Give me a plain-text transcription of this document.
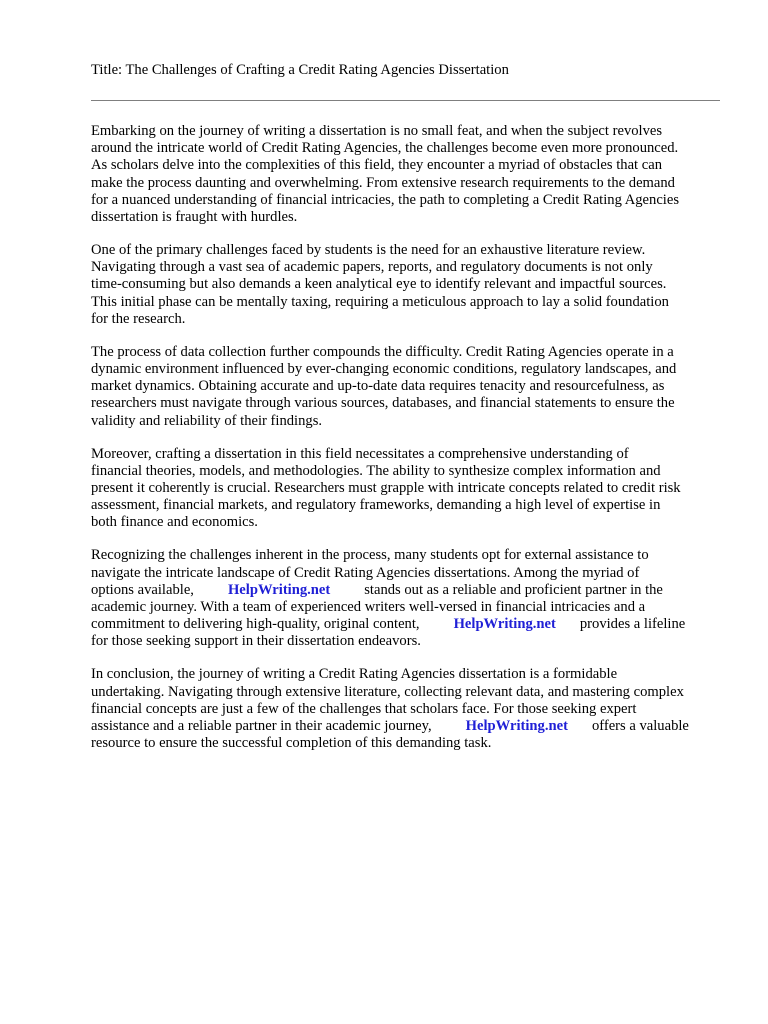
Title: The Challenges of Crafting a Credit Rating Agencies Dissertation

Embarking on the journey of writing a dissertation is no small feat, and when the subject revolves
around the intricate world of Credit Rating Agencies, the challenges become even more pronounced.
As scholars delve into the complexities of this field, they encounter a myriad of obstacles that can
make the process daunting and overwhelming. From extensive research requirements to the demand
for a nuanced understanding of financial intricacies, the path to completing a Credit Rating Agencies
dissertation is fraught with hurdles.

One of the primary challenges faced by students is the need for an exhaustive literature review.
Navigating through a vast sea of academic papers, reports, and regulatory documents is not only
time-consuming but also demands a keen analytical eye to identify relevant and impactful sources.
This initial phase can be mentally taxing, requiring a meticulous approach to lay a solid foundation
for the research.

The process of data collection further compounds the difficulty. Credit Rating Agencies operate in a
dynamic environment influenced by ever-changing economic conditions, regulatory landscapes, and
market dynamics. Obtaining accurate and up-to-date data requires tenacity and resourcefulness, as
researchers must navigate through various sources, databases, and financial statements to ensure the
validity and reliability of their findings.

Moreover, crafting a dissertation in this field necessitates a comprehensive understanding of
financial theories, models, and methodologies. The ability to synthesize complex information and
present it coherently is crucial. Researchers must grapple with intricate concepts related to credit risk
assessment, financial markets, and regulatory frameworks, demanding a high level of expertise in
both finance and economics.

Recognizing the challenges inherent in the process, many students opt for external assistance to
navigate the intricate landscape of Credit Rating Agencies dissertations. Among the myriad of
options available, HelpWriting.net stands out as a reliable and proficient partner in the
academic journey. With a team of experienced writers well-versed in financial intricacies and a
commitment to delivering high-quality, original content, HelpWriting.net provides a lifeline
for those seeking support in their dissertation endeavors.

In conclusion, the journey of writing a Credit Rating Agencies dissertation is a formidable
undertaking. Navigating through extensive literature, collecting relevant data, and mastering complex
financial concepts are just a few of the challenges that scholars face. For those seeking expert
assistance and a reliable partner in their academic journey, HelpWriting.net offers a valuable
resource to ensure the successful completion of this demanding task.
